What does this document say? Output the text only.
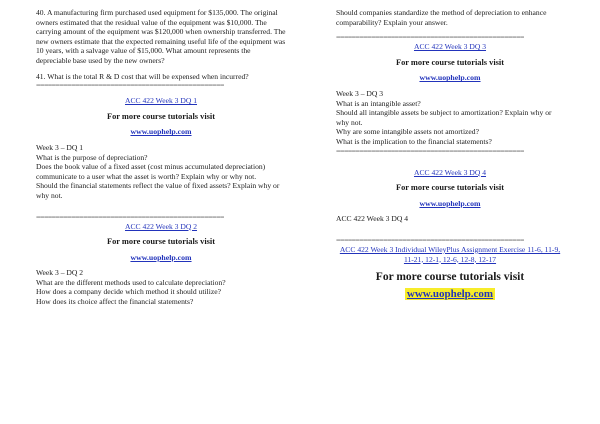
40. A manufacturing firm purchased used equipment for $135,000. The original owners estimated that the residual value of the equipment was $10,000. The carrying amount of the equipment was $120,000 when ownership transferred. The new owners estimate that the expected remaining useful life of the equipment was 10 years, with a salvage value of $15,000. What amount represents the depreciable base used by the new owners?

41. What is the total R & D cost that will be expensed when incurred?

================================================
ACC 422 Week 3 DQ 1
For more course tutorials visit
www.uophelp.com

Week 3 – DQ 1

What is the purpose of depreciation?

Does the book value of a fixed asset (cost minus accumulated depreciation) communicate to a user what the asset is worth? Explain why or why not.

Should the financial statements reflect the value of fixed assets? Explain why or why not.

================================================
ACC 422 Week 3 DQ 2
For more course tutorials visit
www.uophelp.com

Week 3 – DQ 2

What are the different methods used to calculate depreciation?

How does a company decide which method it should utilize?

How does its choice affect the financial statements?

Should companies standardize the method of depreciation to enhance comparability? Explain your answer.

================================================
ACC 422 Week 3 DQ 3
For more course tutorials visit
www.uophelp.com

Week 3 – DQ 3

What is an intangible asset?

Should all intangible assets be subject to amortization? Explain why or why not.

Why are some intangible assets not amortized?

What is the implication to the financial statements?

================================================
ACC 422 Week 3 DQ 4
For more course tutorials visit
www.uophelp.com

ACC 422 Week 3 DQ 4

================================================
ACC 422 Week 3 Individual WileyPlus Assignment Exercise 11-6, 11-9, 11-21, 12-1, 12-6, 12-8, 12-17
For more course tutorials visit
www.uophelp.com
